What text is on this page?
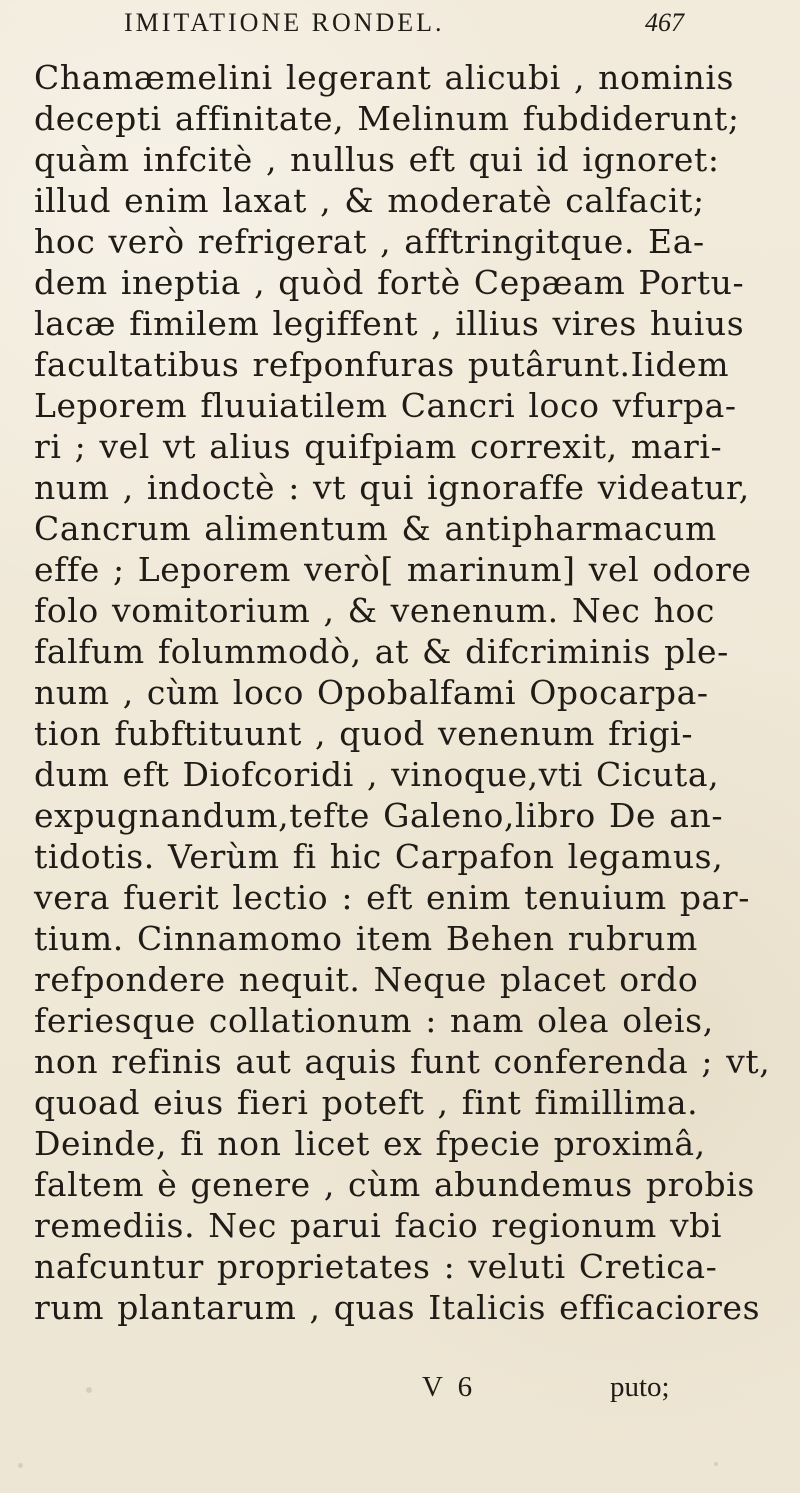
IMITATIONE RONDEL.	467
Chamæmelini legerant alicubi , nominis
decepti affinitate, Melinum fubdiderunt;
quàm infcitè , nullus eft qui id ignoret:
illud enim laxat , & moderatè calfacit;
hoc verò refrigerat , afftringitque. Ea-
dem ineptia , quòd fortè Cepæam Portu-
lacæ fimilem legiffent , illius vires huius
facultatibus refponfuras putârunt.Iidem
Leporem fluuiatilem Cancri loco vfurpa-
ri ; vel vt alius quifpiam correxit, mari-
num , indoctè : vt qui ignoraffe videatur,
Cancrum alimentum & antipharmacum
effe ; Leporem verò[ marinum] vel odore
folo vomitorium , & venenum. Nec hoc
falfum folummodò, at & difcriminis ple-
num , cùm loco Opobalfami Opocarpa-
tion fubftituunt , quod venenum frigi-
dum eft Diofcoridi , vinoque,vti Cicuta,
expugnandum,tefte Galeno,libro De an-
tidotis. Verùm fi hic Carpafon legamus,
vera fuerit lectio : eft enim tenuium par-
tium. Cinnamomo item Behen rubrum
refpondere nequit. Neque placet ordo
feriesque collationum : nam olea oleis,
non refinis aut aquis funt conferenda ; vt,
quoad eius fieri poteft , fint fimillima.
Deinde, fi non licet ex fpecie proximâ,
faltem è genere , cùm abundemus probis
remediis. Nec parui facio regionum vbi
nafcuntur proprietates : veluti Cretica-
rum plantarum , quas Italicis efficaciores
V 6	puto;
